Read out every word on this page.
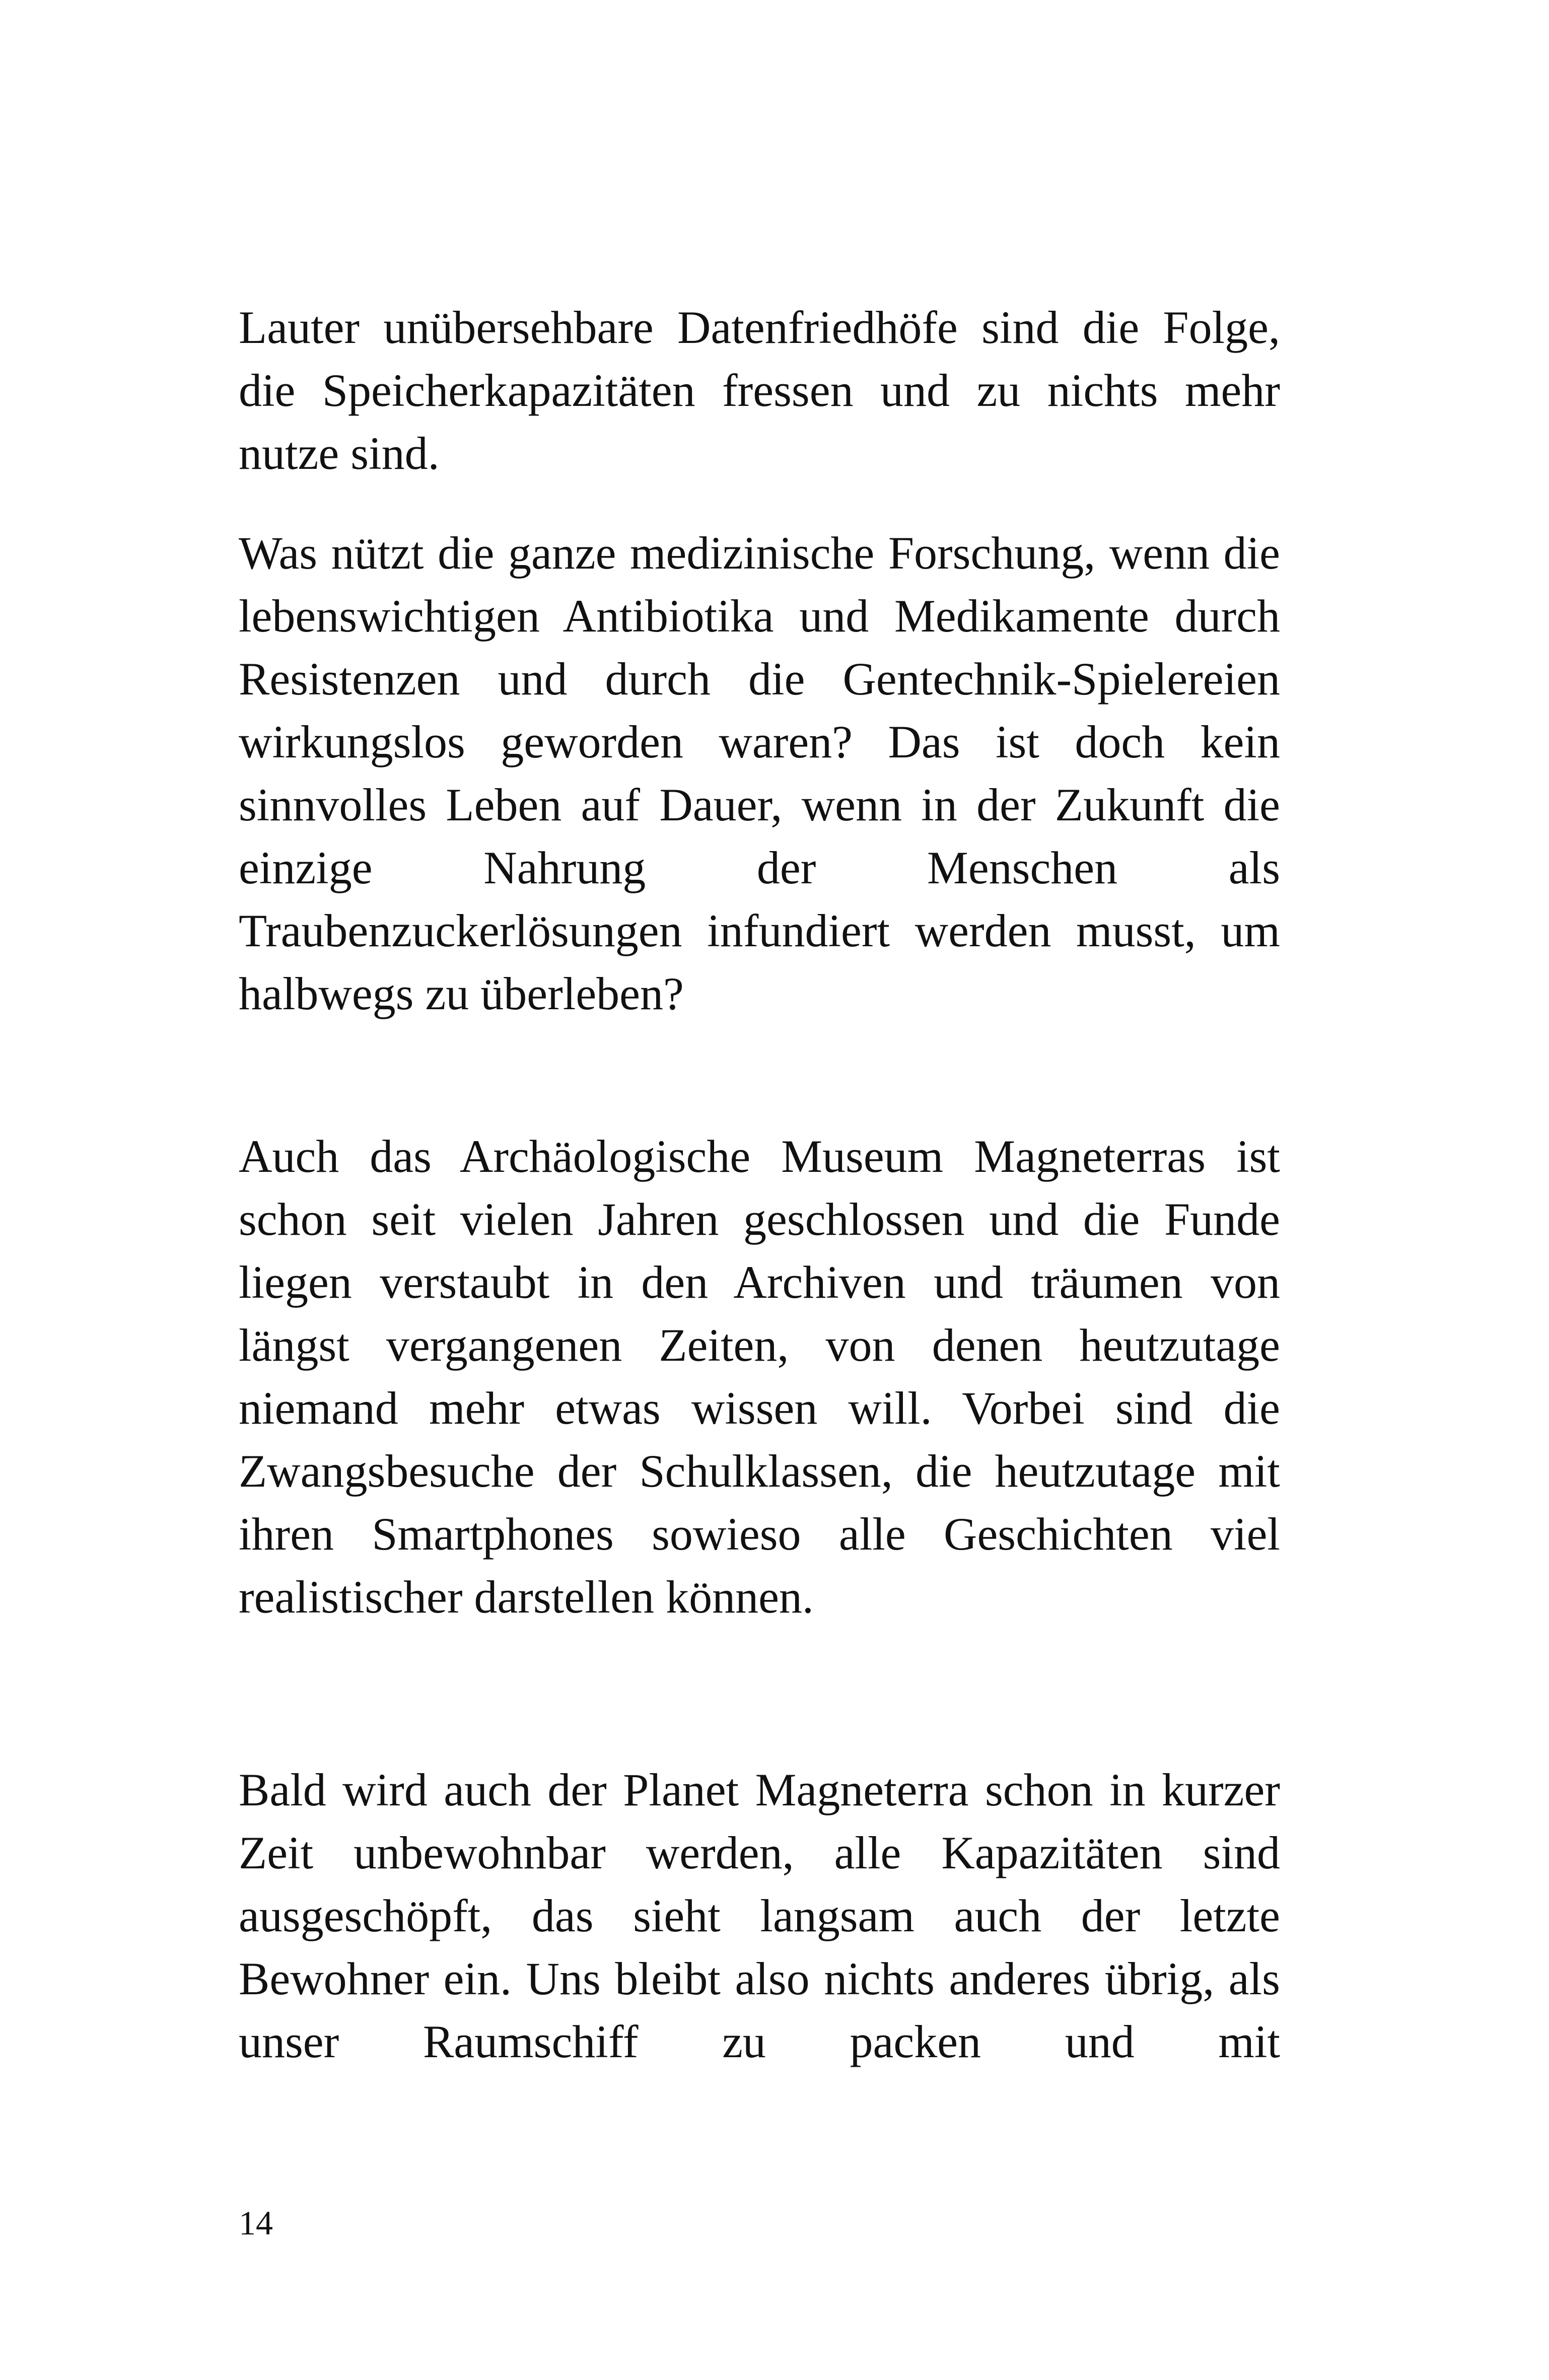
Lauter unübersehbare Datenfriedhöfe sind die Folge, die Speicherkapazitäten fressen und zu nichts mehr nutze sind.

Was nützt die ganze medizinische Forschung, wenn die lebenswichtigen Antibiotika und Medikamente durch Resistenzen und durch die Gentechnik-Spielereien wirkungslos geworden waren? Das ist doch kein sinnvolles Leben auf Dauer, wenn in der Zukunft die einzige Nahrung der Menschen als Traubenzuckerlösungen infundiert werden musst, um halbwegs zu überleben?

Auch das Archäologische Museum Magneterras ist schon seit vielen Jahren geschlossen und die Funde liegen verstaubt in den Archiven und träumen von längst vergangenen Zeiten, von denen heutzutage niemand mehr etwas wissen will. Vorbei sind die Zwangsbesuche der Schulklassen, die heutzutage mit ihren Smartphones sowieso alle Geschichten viel realistischer darstellen können.

Bald wird auch der Planet Magneterra schon in kurzer Zeit unbewohnbar werden, alle Kapazitäten sind ausgeschöpft, das sieht langsam auch der letzte Bewohner ein. Uns bleibt also nichts anderes übrig, als unser Raumschiff zu packen und mit

14
